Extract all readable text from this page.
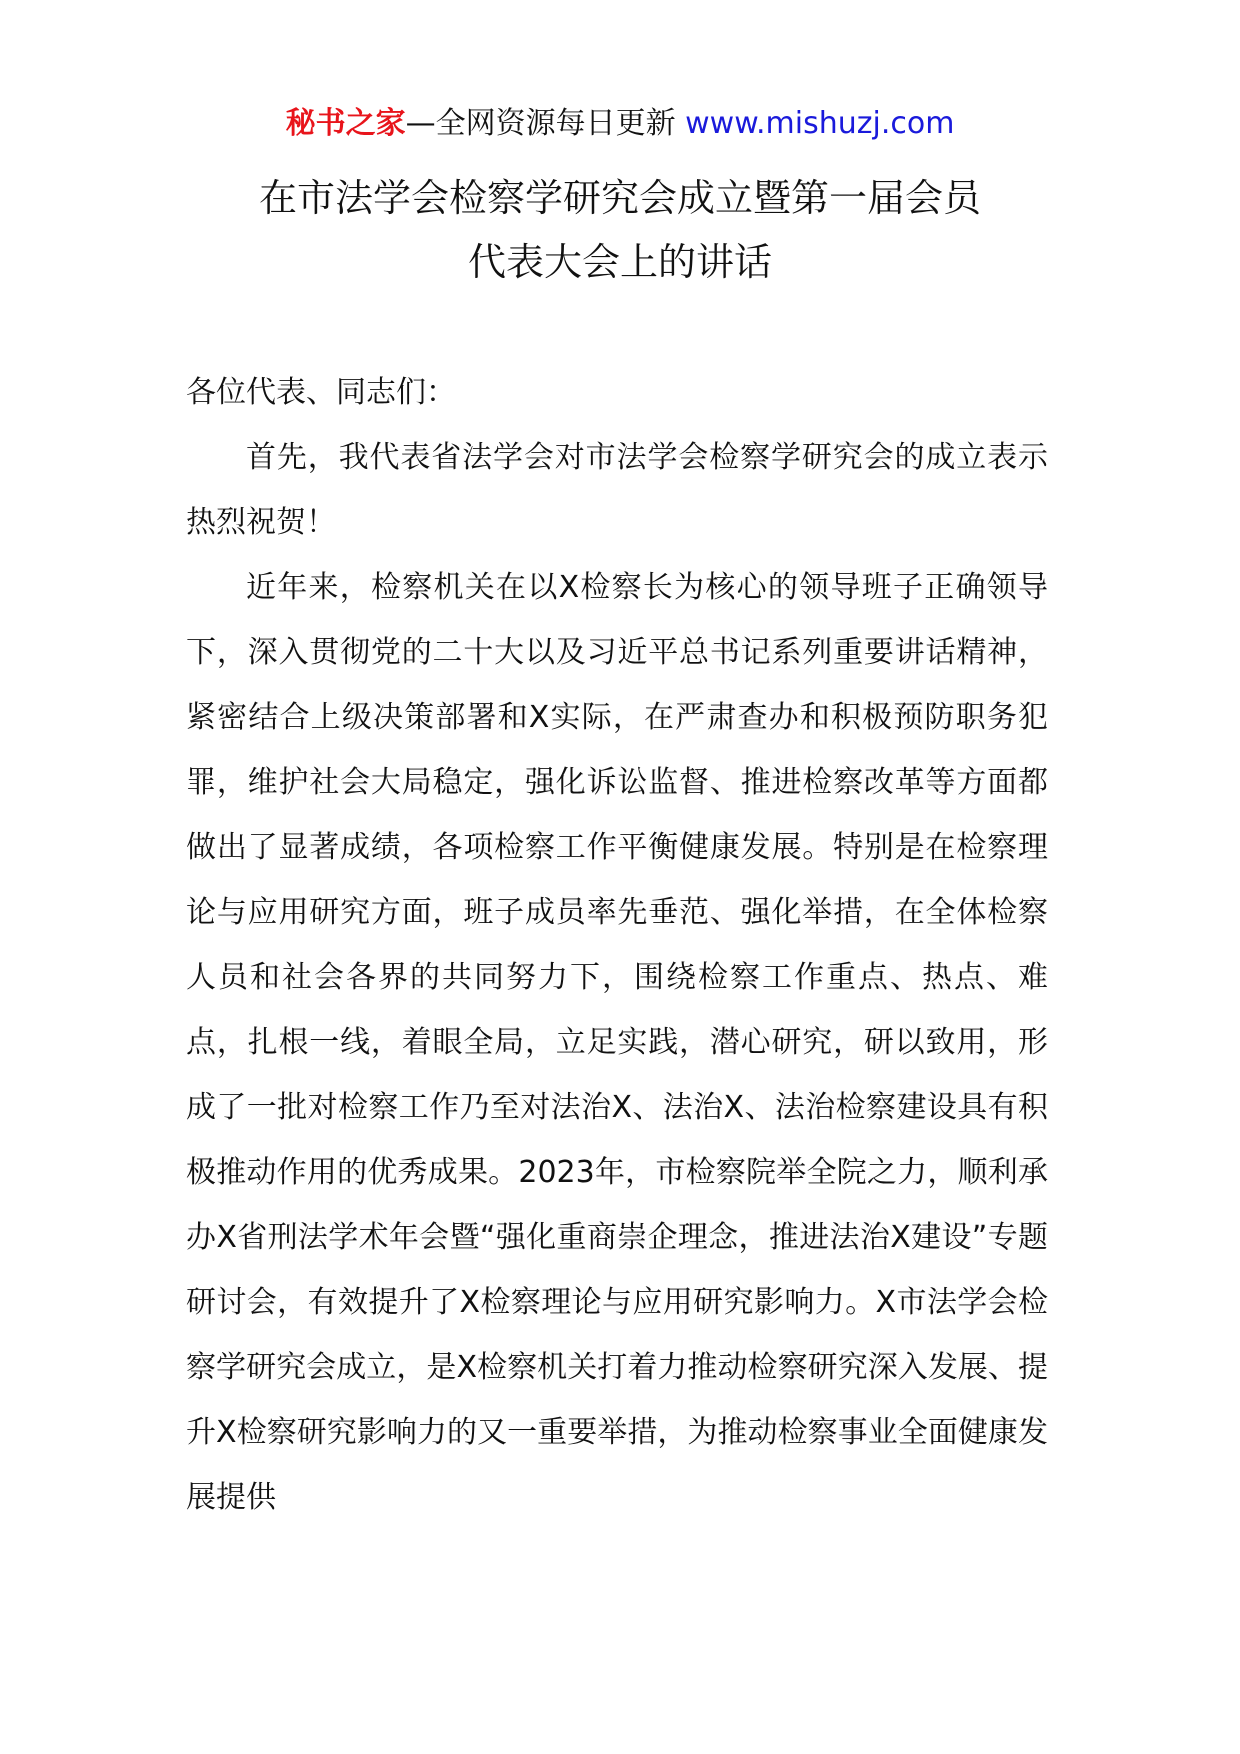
秘书之家—全网资源每日更新 www.mishuzj.com
在市法学会检察学研究会成立暨第一届会员
代表大会上的讲话

各位代表、同志们：

首先，我代表省法学会对市法学会检察学研究会的成立表示热烈祝贺！

近年来，检察机关在以X检察长为核心的领导班子正确领导下，深入贯彻党的二十大以及习近平总书记系列重要讲话精神，紧密结合上级决策部署和X实际，在严肃查办和积极预防职务犯罪，维护社会大局稳定，强化诉讼监督、推进检察改革等方面都做出了显著成绩，各项检察工作平衡健康发展。特别是在检察理论与应用研究方面，班子成员率先垂范、强化举措，在全体检察人员和社会各界的共同努力下，围绕检察工作重点、热点、难点，扎根一线，着眼全局，立足实践，潜心研究，研以致用，形成了一批对检察工作乃至对法治X、法治X、法治检察建设具有积极推动作用的优秀成果。2023年，市检察院举全院之力，顺利承办X省刑法学术年会暨“强化重商崇企理念，推进法治X建设”专题研讨会，有效提升了X检察理论与应用研究影响力。X市法学会检察学研究会成立，是X检察机关打着力推动检察研究深入发展、提升X检察研究影响力的又一重要举措，为推动检察事业全面健康发展提供
